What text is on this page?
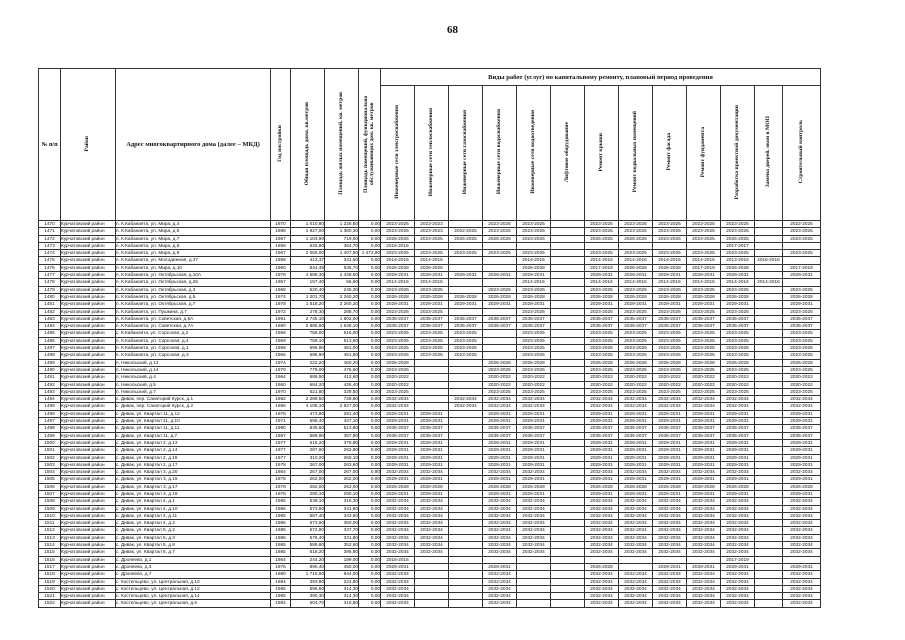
68
№ п/п	Район	Адрес многоквартирного дома (далее – МКД)	Год постройки	Общая площадь дома, кв.метров	Площадь жилых помещений, кв. метров	Площадь помещений, функционально обслуживающих дом, кв. метров	Виды работ (услуг) по капитальному ремонту, плановый период проведения												
							Инженерные сети электроснабжения	Инженерные сети теплоснабжения	Инженерные сети газоснабжения	Инженерные сети водоснабжения	Инженерные сети водоотведения	Лифтовое оборудование	Ремонт крыши	Ремонт подвальных помещений	Ремонт фасада	Ремонт фундамента	Разработка проектной документации	Замена дверей, окон в МОП	Строительный контроль
1470	Курчатовский район	п. К.Кабанаята, ул. Мира, д.4	1970	1 010,80	1 225,50	0,00	2023-2025	2023-2023		2023-2025	2023-2025		2023-2025	2023-2025	2023-2025	2023-2025	2023-2025		2022-2025
1471	Курчатовский район	п. К.Кабанаята, ул. Мира, д.5	1988	1 927,00	1 360,30	0,00	2023-2025	2023-2023	2022-2025	2023-2025	2023-2025		2023-2025	2023-2025	2023-2025	2023-2025	2023-2025		2023-2025
1472	Курчатовский район	п. К.Кабанаята, ул. Мира, д.7	1967	1 103,90	719,00	0,00	2025-2025	2023-2025	2025-2025	2025-2025	2023-2025		2025-2025	2025-2025	2023-2025	2023-2025	2025-2025		2023-2025
1473	Курчатовский район	п. К.Кабанаята, ул. Мира, д.8	1958	526,80	364,70	0,00	2016-2016										2017-2017		
1474	Курчатовский район	п. К.Кабанаята, ул. Мира, д.9	1967	2 065,00	1 407,50	1 472,90	2023-2025	2023-2025	2023-2025	2023-2025	2023-2025		2023-2025	2023-2025	2023-2025	2023-2025	2023-2025		2023-2025
1475	Курчатовский район	п. К.Кабанаята, ул. Молодежная, д.37	1958	412,37	341,50	0,00	2014-2016	2014-2016			2014-2016		2014-2016	2014-2016	2014-2016	2014-2016	2013-2016	2016-2016	
1476	Курчатовский район	п. К.Кабанаята, ул. Мира, д.10	1960	844,49	536,70	0,00	2025-2028	2026-2028			2026-2028		2017-2019	2026-2028	2026-2028	2017-2019	2026-2028		2017-2019
1477	Курчатовский район	п. К.Кабанаята, ул. Октябрьская, д.10А	1978	4 585,30	2 448,60	0,00	2029-2031	2029-2031	2029-2031	2029-2031	2029-2031		2029-2031	2029-2031	2029-2031	2029-2031	2029-2031		2029-2031
1478	Курчатовский район	п. К.Кабанаята, ул. Октябрьская, д.26	1957	157,40	56,60	0,00	2014-2016	2014-2016			2014-2016		2014-2016	2014-2016	2014-2016	2014-2016	2014-2016	2014-2016	
1479	Курчатовский район	п. К.Кабанаята, ул. Октябрьская, д.3	1968	520,40	245,30	0,00	2023-2025	2023-2025		2023-2025	2023-2025		2023-2025	2023-2025	2023-2025	2023-2025	2023-2025		2023-2025
1480	Курчатовский район	п. К.Кабанаята, ул. Октябрьская, д.5	1974	1 201,70	2 260,20	0,00	2026-2028	2026-2028	2026-2028	2026-2028	2026-2028		2026-2028	2026-2028	2026-2028	2026-2028	2026-2028		2026-2028
1481	Курчатовский район	п. К.Кабанаята, ул. Октябрьская, д.7	1978	1 518,20	2 260,20	0,00	2029-2031	2029-2031	2029-2031	2029-2031	2029-2031		2029-2031	2029-2031	2029-2031	2029-2031	2029-2031		2029-2031
1482	Курчатовский район	п. К.Кабанаята, ул. Пушкина, д.7	1972	278,30	288,70	0,00	2023-2025	2023-2025			2023-2025		2023-2025	2023-2025	2023-2025	2023-2025	2023-2025		2023-2025
1483	Курчатовский район	п. К.Кабанаята, ул. Советская, д.5А	1991	2 745,10	1 802,00	0,00	2035-2037	2035-2037	2035-2037	2035-2037	2035-2037		2035-2037	2035-2037	2035-2037	2035-2037	2035-2037		2035-2037
1484	Курчатовский район	п. К.Кабанаята, ул. Советская, д.7А	1990	2 885,60	1 548,10	0,00	2035-2037	2035-2037	2035-2037	2035-2037	2035-2037		2035-2037	2035-2037	2035-2037	2035-2037	2035-2037		2035-2037
1485	Курчатовский район	с. К.Кабанаята, ул. Сорсохая, д.2	1968	758,00	516,00	0,00	2023-2025	2023-2025	2023-2025		2023-2025		2023-2025	2023-2025	2023-2025	2023-2025	2023-2025		2023-2025
1486	Курчатовский район	п. К.Кабанаята, ул. Сорсохая, д.4	1969	759,10	513,60	0,00	2023-2025	2023-2025	2023-2025		2023-2025		2023-2025	2023-2025	2023-2025	2023-2025	2023-2025		2023-2025
1487	Курчатовский район	п. К.Кабанаята, ул. Сорсохая, д.1	1968	696,90	461,00	0,00	2023-2025	2023-2025	2023-2025		2023-2025		2023-2025	2023-2025	2023-2025	2023-2025	2023-2025		2023-2025
1488	Курчатовский район	п. К.Кабанаята, ул. Сорсохая, д.3	1966	696,90	461,90	0,00	2023-2025	2023-2025	2023-2025		2023-2025		2023-2025	2023-2025	2023-2025	2023-2025	2023-2025		2023-2025
1489	Курчатовский район	п. Никольский, д.13	1974	222,20	460,20	0,00	2026-2028			2026-2028	2026-2028		2026-2028	2026-2028	2026-2028	2026-2028	2026-2028		2026-2028
1490	Курчатовский район	п. Никольский, д.14	1970	779,00	476,60	0,00	2023-2025			2023-2025	2023-2025		2023-2025	2023-2025	2023-2025	2023-2025	2023-2025		2023-2025
1491	Курчатовский район	п. Никольский, д.4	1964	689,50	412,60	0,00	2020-2022			2020-2022	2020-2022		2020-2022	2020-2022	2020-2022	2020-2022	2020-2022		2020-2022
1492	Курчатовский район	п. Никольский, д.5	1960	684,20	426,40	0,00	2020-2022			2020-2022	2020-2022		2020-2022	2020-2022	2020-2022	2020-2022	2020-2022		2020-2022
1493	Курчатовский район	п. Никольский, д.7	1970	521,80	328,50	0,00	2023-2025			2023-2025	2023-2025		2023-2025	2023-2025	2023-2025	2023-2025	2023-2025		2023-2025
1494	Курчатовский район	с. Дивак, пер. Санаторий Курск, д.1	1982	2 289,50	728,80	0,00	2032-2034		2032-2034	2032-2034	2032-2034		2032-2034	2032-2034	2032-2034	2032-2034	2032-2034		2032-2034
1495	Курчатовский район	с. Дивак, пер. Санаторий Курск, д.2	1986	4 108,10	2 827,00	0,00	2032-2034		2032-2034	2032-2034	2032-2034		2032-2034	2032-2034	2032-2034	2032-2034	2032-2034		2032-2034
1496	Курчатовский район	с. Дивак, ул. Квартал 11, д.12	1978	473,80	291,40	0,00	2029-2031	2029-2031		2029-2031	2029-2031		2029-2031	2029-2031	2029-2031	2029-2031	2029-2031		2029-2031
1497	Курчатовский район	с. Дивак, ул. Квартал 11, д.10	1971	695,40	427,10	0,00	2029-2031	2029-2031		2029-2031	2029-2031		2029-2031	2029-2031	2029-2031	2029-2031	2029-2031		2029-2031
1498	Курчатовский район	с. Дивак, ул. Квартал 11, д.11	1990	835,60	513,80	0,00	2035-2037	2035-2037		2035-2037	2035-2037		2035-2037	2035-2037	2035-2037	2035-2037	2035-2037		2035-2037
1499	Курчатовский район	с. Дивак, ул. Квартал 11, д.7	1987	588,90	357,90	0,00	2035-2037	2035-2037		2035-2037	2035-2037		2035-2037	2035-2037	2035-2037	2035-2037	2035-2037		2035-2037
1500	Курчатовский район	с. Дивак, ул. Квартал 2, д.13	1977	616,20	378,80	0,00	2029-2031	2029-2031		2029-2031	2029-2031		2029-2031	2029-2031	2029-2031	2029-2031	2029-2031		2029-2031
1501	Курчатовский район	с. Дивак, ул. Квартал 2, д.14	1977	287,60	262,80	0,00	2029-2031	2029-2031		2029-2031	2029-2031		2029-2031	2029-2031	2029-2031	2029-2031	2029-2031		2029-2031
1502	Курчатовский район	с. Дивак, ул. Квартал 2, д.15	1977	310,20	260,10	0,00	2029-2031	2029-2031		2029-2031	2029-2031		2029-2031	2029-2031	2029-2031	2029-2031	2029-2031		2029-2031
1503	Курчатовский район	с. Дивак, ул. Квартал 2, д.17	1978	267,00	263,60	0,00	2029-2031	2029-2031		2029-2031	2029-2031		2029-2031	2029-2031	2029-2031	2029-2031	2029-2031		2029-2031
1504	Курчатовский район	с. Дивак, ул. Квартал 3, д.20	1984	267,00	267,00	0,90	2032-2034	2032-2034		2032-2034	2032-2034		2032-2034	2032-2034	2032-2034	2032-2034	2032-2034		2032-2034
1505	Курчатовский район	с. Дивак, ул. Квартал 3, д.16	1978	262,00	262,00	0,00	2029-2031	2029-2031		2029-2031	2029-2031		2029-2031	2029-2031	2029-2031	2029-2031	2029-2031		2029-2031
1506	Курчатовский район	с. Дивак, ул. Квартал 3, д.17	1978	262,00	262,00	0,00	2026-2028	2026-2028		2026-2028	2026-2028		2026-2028	2026-2028	2026-2028	2026-2028	2026-2028		2026-2028
1507	Курчатовский район	с. Дивак, ул. Квартал 3, д.18	1978	290,10	290,10	0,00	2029-2031	2029-2031		2029-2031	2029-2031		2029-2031	2029-2031	2029-2031	2029-2031	2029-2031		2029-2031
1508	Курчатовский район	с. Дивак, ул. Квартал 4, д.1	1985	538,10	316,30	0,00	2032-2034	2032-2034		2032-2034	2032-2034		2032-2034	2032-2034	2032-2034	2032-2034	2032-2034		2032-2034
1509	Курчатовский район	с. Дивак, ул. Квартал 4, д.10	1986	573,60	341,80	0,00	2032-2034	2032-2034		2032-2034	2032-2034		2032-2034	2032-2034	2032-2034	2032-2034	2032-2034		2032-2034
1510	Курчатовский район	с. Дивак, ул. Квартал 4, д.11	1985	587,40	343,60	0,00	2032-2034	2032-2034		2032-2034	2032-2034		2032-2034	2032-2034	2032-2034	2032-2034	2032-2034		2032-2034
1511	Курчатовский район	с. Дивак, ул. Квартал 4, д.2	1986	573,90	350,00	0,00	2032-2034	2032-2034		2032-2034	2032-2034		2032-2034	2032-2034	2032-2034	2032-2034	2032-2034		2032-2034
1512	Курчатовский район	с. Дивак, ул. Квартал 5, д.2	1985	572,80	337,70	0,00	2032-2034	2032-2034		2032-2034	2032-2034		2032-2034	2032-2034	2032-2034	2032-2034	2032-2034		2032-2034
1513	Курчатовский район	с. Дивак, ул. Квартал 5, д.3	1986	576,40	331,80	0,00	2032-2034	2032-2034		2032-2034	2032-2034		2032-2034	2032-2034	2032-2034	2032-2034	2032-2034		2032-2034
1514	Курчатовский район	с. Дивак, ул. Квартал 5, д.8	1985	589,80	352,60	0,00	2032-2034	2032-2034		2032-2034	2032-2034		2032-2034	2032-2034	2032-2034	2032-2034	2032-2034		2032-2034
1515	Курчатовский район	с. Дивак, ул. Квартал 5, д.7	1985	618,20	396,80	0,00	2032-2034	2032-2034		2032-2034	2032-2034		2032-2034	2032-2034	2032-2034	2032-2034	2032-2034		2032-2034
1516	Курчатовский район	с. Дроняево, д.1	1964	244,20	199,00	0,00	2016-2016										2017-2019		
1517	Курчатовский район	с. Дроняево, д.3	1976	890,40	450,00	0,00	2029-2031			2029-2031			2026-2028		2029-2031	2029-2031	2029-2031		2029-2031
1518	Курчатовский район	с. Дроняево, д.7	1980	1 715,60	944,00	0,00	2032-2034			2032-2034			2032-2034	2032-2034	2032-2034	2032-2034	2032-2034		2032-2034
1519	Курчатовский район	с. Костельцево, ул. Центральная, д.10	1984	393,80	224,80	0,00	2032-2034			2032-2034			2032-2034	2032-2034	2032-2034	2032-2034	2032-2034		2032-2034
1520	Курчатовский район	с. Костельцево, ул. Центральная, д.12	1985	596,50	314,30	0,00	2032-2034			2032-2034			2032-2034	2032-2034	2032-2034	2032-2034	2032-2034		2032-2034
1521	Курчатовский район	с. Костельцево, ул. Центральная, д.14	1985	390,30	314,30	0,00	2032-2034			2032-2034			2032-2034	2032-2034	2032-2034	2032-2034	2032-2034		2032-2034
1522	Курчатовский район	с. Костельцево, ул. Центральная, д.6	1984	604,70	315,80	0,00	2032-2034			2032-2034			2032-2034	2032-2034	2032-2034	2032-2034	2032-2034		2032-2034
